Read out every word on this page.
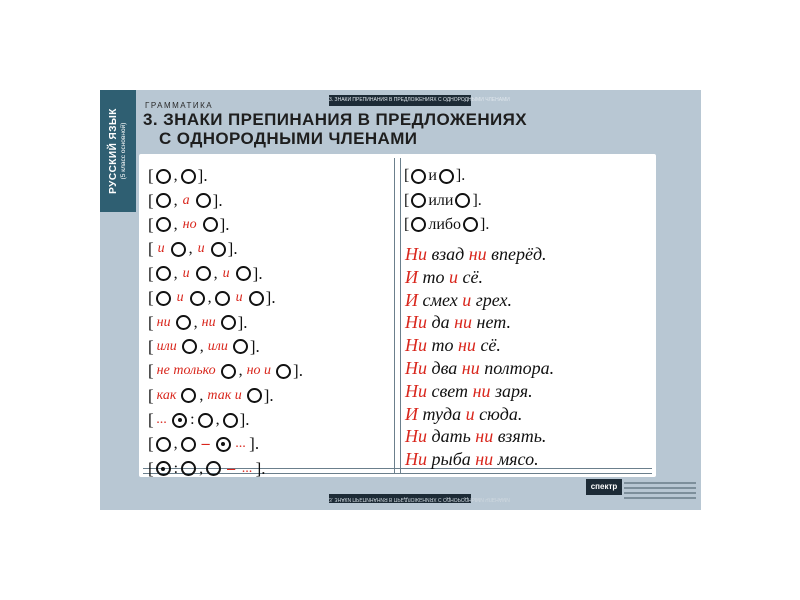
РУССКИЙ ЯЗЫК (5 класс основной)
3. ЗНАКИ ПРЕПИНАНИЯ В ПРЕДЛОЖЕНИЯХ С ОДНОРОДНЫМИ ЧЛЕНАМИ
ГРАММАТИКА
3. ЗНАКИ ПРЕПИНАНИЯ В ПРЕДЛОЖЕНИЯХ
С ОДНОРОДНЫМИ ЧЛЕНАМИ
[ , ].
[ , а ].
[ , но ].
[ и , и ].
[ , и , и ].
[ и , и ].
[ ни , ни ].
[ или , или ].
[ не только , но и ].
[ как , так и ].
[ ... : , ].
[ , – ... ].
[ : , – ... ].
[ и ].
[ или ].
[ либо ].
Ни взад ни вперёд.
И то и сё.
И смех и грех.
Ни да ни нет.
Ни то ни сё.
Ни два ни полтора.
Ни свет ни заря.
И туда и сюда.
Ни дать ни взять.
Ни рыба ни мясо.
3. ЗНАКИ ПРЕПИНАНИЯ В ПРЕДЛОЖЕНИЯХ С ОДНОРОДНЫМИ ЧЛЕНАМИ
спектр
